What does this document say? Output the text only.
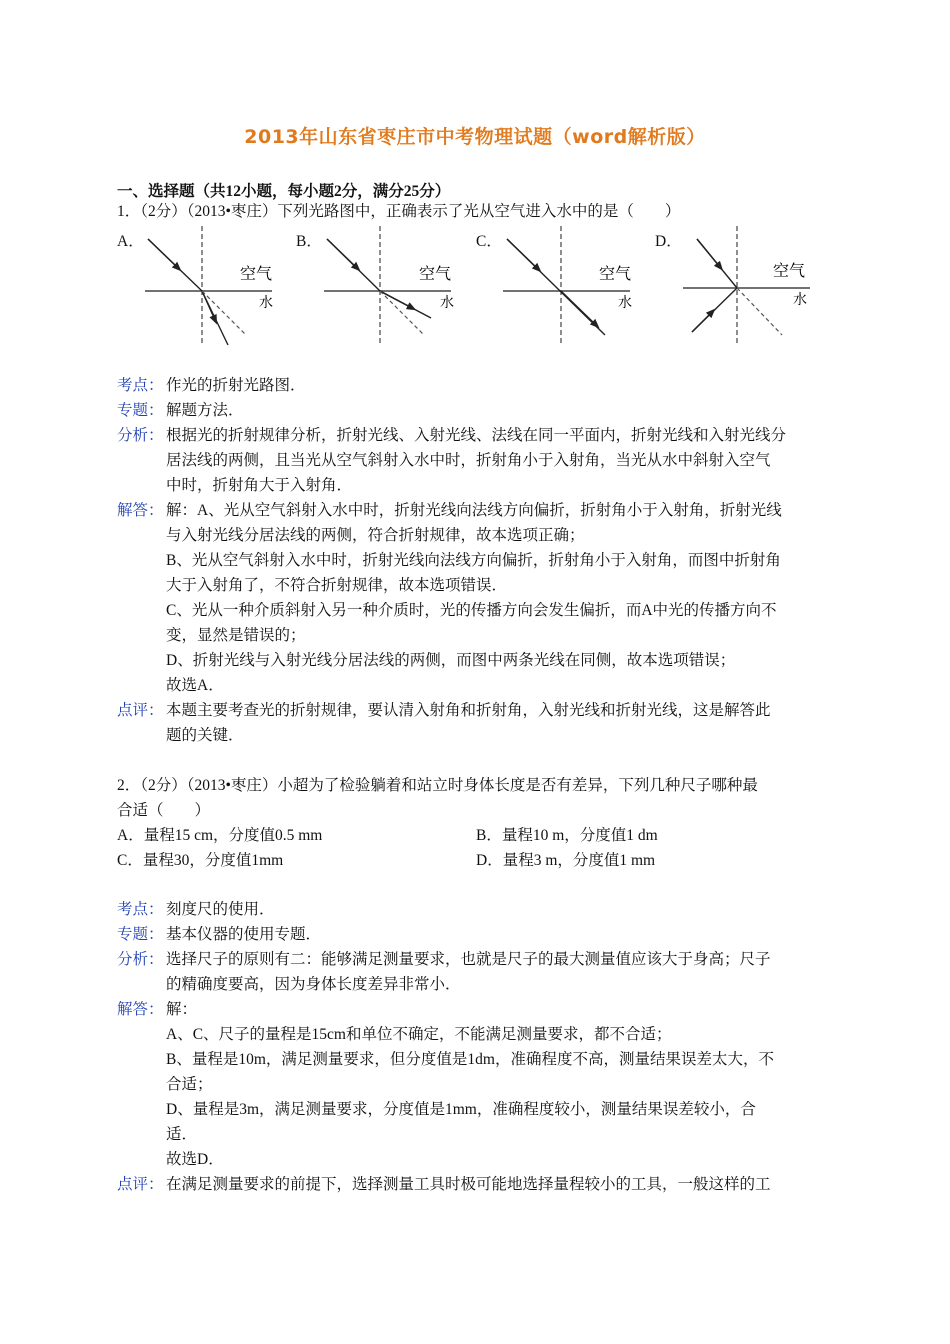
2013年山东省枣庄市中考物理试题（word解析版）
一、选择题（共12小题，每小题2分，满分25分）
1．（2分）（2013•枣庄）下列光路图中，正确表示了光从空气进入水中的是（　　）
A．	B．	C．	D．
空气
水
空气
水
空气
水
空气
水
考点： 作光的折射光路图．
专题： 解题方法．
分析： 根据光的折射规律分析，折射光线、入射光线、法线在同一平面内，折射光线和入射光线分
居法线的两侧，且当光从空气斜射入水中时，折射角小于入射角，当光从水中斜射入空气
中时，折射角大于入射角．
解答： 解：A、光从空气斜射入水中时，折射光线向法线方向偏折，折射角小于入射角，折射光线
与入射光线分居法线的两侧，符合折射规律，故本选项正确；
B、光从空气斜射入水中时，折射光线向法线方向偏折，折射角小于入射角，而图中折射角
大于入射角了，不符合折射规律，故本选项错误．
C、光从一种介质斜射入另一种介质时，光的传播方向会发生偏折，而A中光的传播方向不
变，显然是错误的；
D、折射光线与入射光线分居法线的两侧，而图中两条光线在同侧，故本选项错误；
故选A．
点评： 本题主要考查光的折射规律，要认清入射角和折射角，入射光线和折射光线，这是解答此
题的关键．
2．（2分）（2013•枣庄）小超为了检验躺着和站立时身体长度是否有差异，下列几种尺子哪种最
合适（　　）
A．量程15 cm，分度值0.5 mm	B．量程10 m，分度值1 dm
C．量程30，分度值1mm	D．量程3 m，分度值1 mm
考点： 刻度尺的使用．
专题： 基本仪器的使用专题．
分析： 选择尺子的原则有二：能够满足测量要求，也就是尺子的最大测量值应该大于身高；尺子
的精确度要高，因为身体长度差异非常小．
解答： 解：
A、C、尺子的量程是15cm和单位不确定，不能满足测量要求，都不合适；
B、量程是10m，满足测量要求，但分度值是1dm，准确程度不高，测量结果误差太大，不
合适；
D、量程是3m，满足测量要求，分度值是1mm，准确程度较小，测量结果误差较小，合
适．
故选D．
点评： 在满足测量要求的前提下，选择测量工具时极可能地选择量程较小的工具，一般这样的工
